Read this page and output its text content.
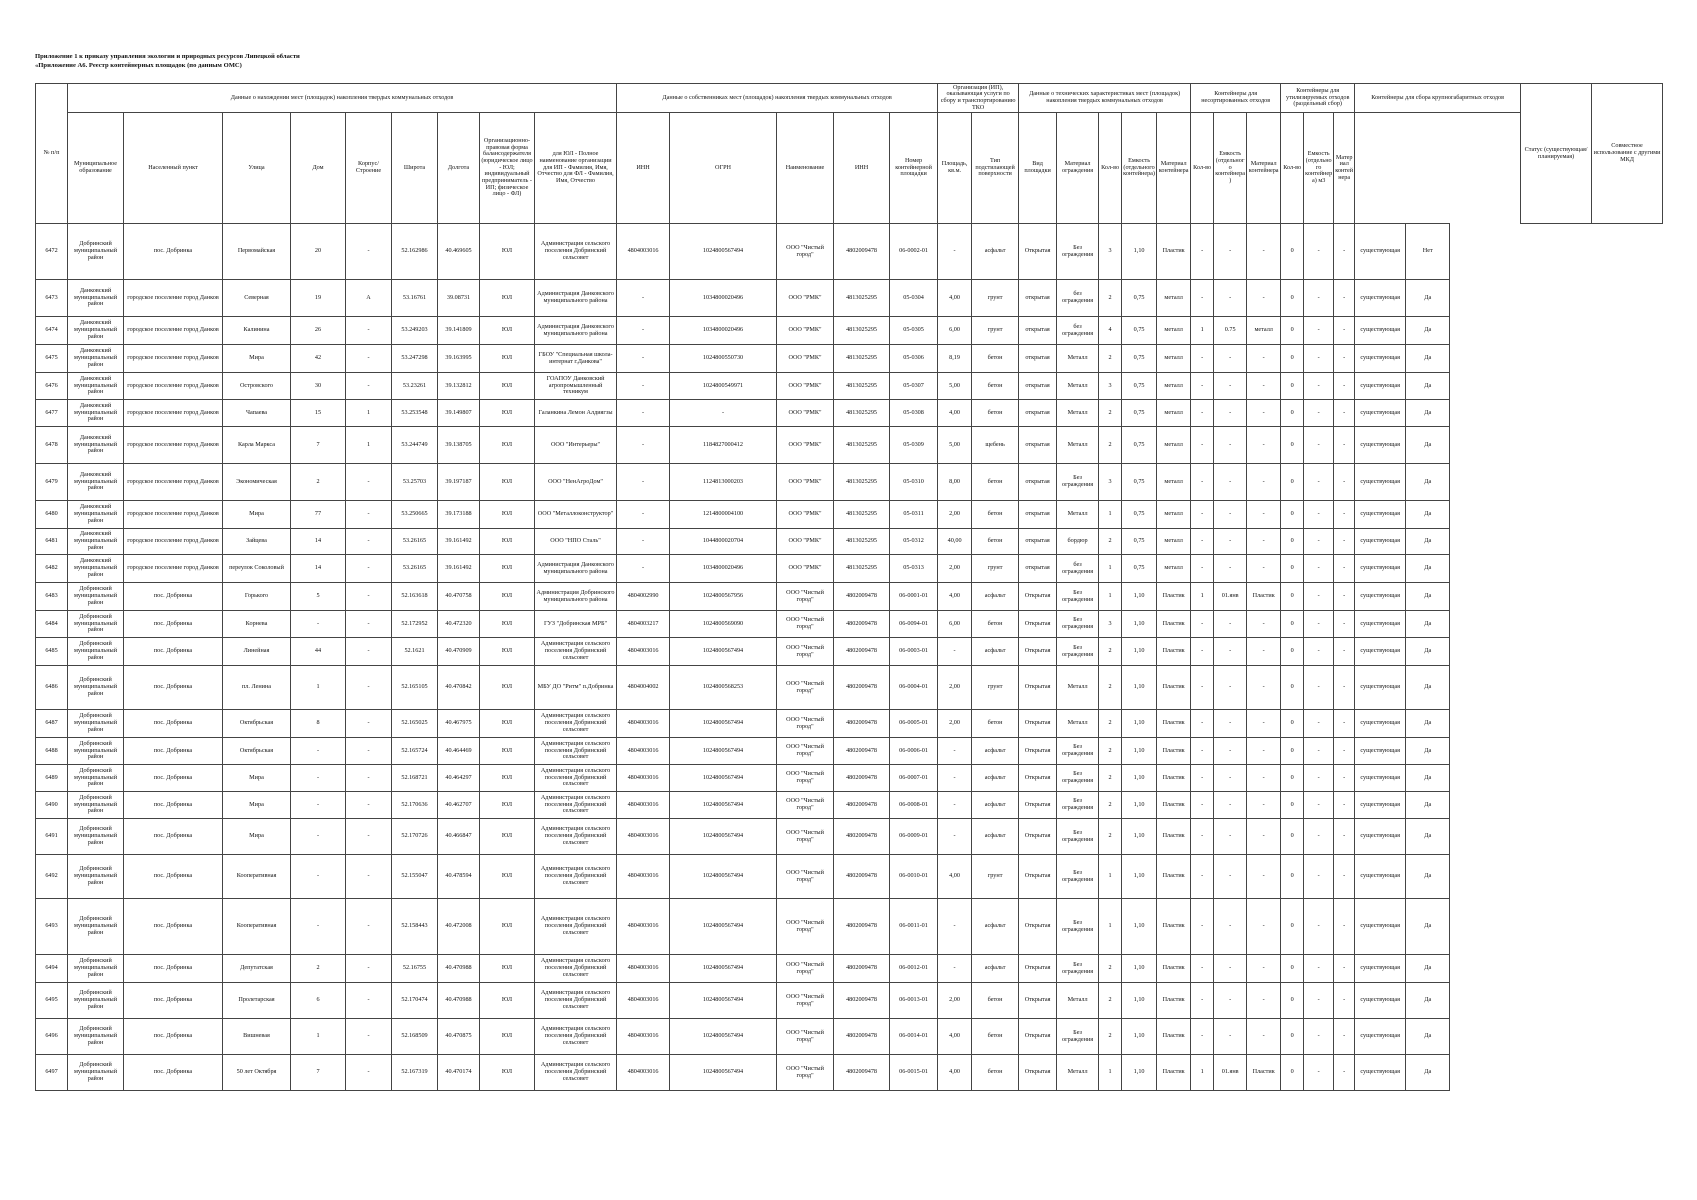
Приложение 1 к приказу управления экологии и природных ресурсов Липецкой области
«Приложение А6. Реестр контейнерных площадок (по данным ОМС)
№ п/п	Данные о нахождении мест (площадок) накопления твердых коммунальных отходов									Данные о собственниках мест (площадок) накопления твердых коммунальных отходов					Организация (ИП), оказывающая услуги по сбору и транспортированию ТКО		Данные о технических характеристиках мест (площадок) накопления твердых коммунальных отходов					Контейнеры для несортированных отходов			Контейнеры для утилизируемых отходов (раздельный сбор)			Контейнеры для сбора крупногабаритных отходов		Статус (существующая/ планируемая)	Совместное использование с другими МКД
	Муниципальное образование	Населенный пункт	Улица	Дом	Корпус/Строение	Широта	Долгота	Организационно-правовая форма балансодержателя (юридическое лицо - ЮЛ; индивидуальный предприниматель - ИП; физическое лицо - ФЛ)	для ЮЛ - Полное наименование организации для ИП - Фамилия, Имя, Отчество для ФЛ - Фамилия, Имя, Отчество	ИНН	ОГРН	Наименование	ИНН	Номер контейнерной площадки	Площадь, кв.м.	Тип подстилающей поверхности	Вид площадки	Материал ограждения	Кол-во	Емкость (отдельного контейнера)	Материал контейнера	Кол-во	Емкость (отдельного контейнера)	Материал контейнера	Кол-во	Емкость (отдельного контейнера) м3	Материал контейнера				
6472	Добринский муниципальный район	пос. Добринка	Первомайская	20	-	52.162986	40.469605	ЮЛ	Администрация сельского поселения Добринский сельсовет	4804003016	1024800567494	ООО "Чистый город"	4802009478	06-0002-01	-	асфальт	Открытая	Без ограждения	3	1,10	Пластик	-	-	-	0	-	-	существующая	Нет		
6473	Данковский муниципальный район	городское поселение город Данков	Северная	19	А	53.16761	39.08731	ЮЛ	Администрация Данковского муниципального района	-	1034800020496	ООО "РМК"	4813025295	05-0304	4,00	грунт	открытая	без ограждения	2	0,75	металл	-	-	-	0	-	-	существующая	Да		
6474	Данковский муниципальный район	городское поселение город Данков	Калинина	26	-	53.249203	39.141809	ЮЛ	Администрация Данковского муниципального района	-	1034800020496	ООО "РМК"	4813025295	05-0305	6,00	грунт	открытая	без ограждения	4	0,75	металл	1	0.75	металл	0	-	-	существующая	Да		
6475	Данковский муниципальный район	городское поселение город Данков	Мира	42	-	53.247298	39.163995	ЮЛ	ГБОУ "Специальная школа-интернат г.Данкова"	-	1024800550730	ООО "РМК"	4813025295	05-0306	8,19	бетон	открытая	Металл	2	0,75	металл	-	-	-	0	-	-	существующая	Да		
6476	Данковский муниципальный район	городское поселение город Данков	Островского	30	-	53.23261	39.132812	ЮЛ	ГОАПОУ Данковский агропромышленный техникум	-	1024800549971	ООО "РМК"	4813025295	05-0307	5,00	бетон	открытая	Металл	3	0,75	металл	-	-	-	0	-	-	существующая	Да		
6477	Данковский муниципальный район	городское поселение город Данков	Чапаева	15	1	53.253548	39.149807	ЮЛ	Галанкина Лемон Алдиягзы	-	-	ООО "РМК"	4813025295	05-0308	4,00	бетон	открытая	Металл	2	0,75	металл	-	-	-	0	-	-	существующая	Да		
6478	Данковский муниципальный район	городское поселение город Данков	Карла Маркса	7	1	53.244749	39.138705	ЮЛ	ООО "Интерьеры"	-	1184827000412	ООО "РМК"	4813025295	05-0309	5,00	щебень	открытая	Металл	2	0,75	металл	-	-	-	0	-	-	существующая	Да		
6479	Данковский муниципальный район	городское поселение город Данков	Экономическая	2	-	53.25703	39.197187	ЮЛ	ООО "НенАгроДом"	-	1124813000203	ООО "РМК"	4813025295	05-0310	8,00	бетон	открытая	Без ограждения	3	0,75	металл	-	-	-	0	-	-	существующая	Да		
6480	Данковский муниципальный район	городское поселение город Данков	Мира	77	-	53.250665	39.173188	ЮЛ	ООО "Металлоконструктор"	-	1214800004100	ООО "РМК"	4813025295	05-0311	2,00	бетон	открытая	Металл	1	0,75	металл	-	-	-	0	-	-	существующая	Да		
6481	Данковский муниципальный район	городское поселение город Данков	Зайцева	14	-	53.26165	39.161492	ЮЛ	ООО "НПО Сталь"	-	1044800020704	ООО "РМК"	4813025295	05-0312	40,00	бетон	открытая	бордюр	2	0,75	металл	-	-	-	0	-	-	существующая	Да		
6482	Данковский муниципальный район	городское поселение город Данков	переулок Соколовый	14	-	53.26165	39.161492	ЮЛ	Администрация Данковского муниципального района	-	1034800020496	ООО "РМК"	4813025295	05-0313	2,00	грунт	открытая	без ограждения	1	0,75	металл	-	-	-	0	-	-	существующая	Да		
6483	Добринский муниципальный район	пос. Добринка	Горького	5	-	52.163618	40.470758	ЮЛ	Администрация Добринского муниципального района	4804002990	1024800567956	ООО "Чистый город"	4802009478	06-0001-01	4,00	асфальт	Открытая	Без ограждения	1	1,10	Пластик	1	01.янв	Пластик	0	-	-	существующая	Да		
6484	Добринский муниципальный район	пос. Добринка	Корнева	-	-	52.172952	40.472320	ЮЛ	ГУЗ "Добринская МРБ"	4804003217	1024800569090	ООО "Чистый город"	4802009478	06-0094-01	6,00	бетон	Открытая	Без ограждения	3	1,10	Пластик	-	-	-	0	-	-	существующая	Да		
6485	Добринский муниципальный район	пос. Добринка	Линейная	44	-	52.1621	40.470909	ЮЛ	Администрация сельского поселения Добринский сельсовет	4804003016	1024800567494	ООО "Чистый город"	4802009478	06-0003-01	-	асфальт	Открытая	Без ограждения	2	1,10	Пластик	-	-	-	0	-	-	существующая	Да		
6486	Добринский муниципальный район	пос. Добринка	пл. Ленина	1	-	52.165105	40.470842	ЮЛ	МБУ ДО "Ритм" п.Добринка	4804004002	1024800568253	ООО "Чистый город"	4802009478	06-0004-01	2,00	грунт	Открытая	Металл	2	1,10	Пластик	-	-	-	0	-	-	существующая	Да		
6487	Добринский муниципальный район	пос. Добринка	Октябрьская	8	-	52.165025	40.467975	ЮЛ	Администрация сельского поселения Добринский сельсовет	4804003016	1024800567494	ООО "Чистый город"	4802009478	06-0005-01	2,00	бетон	Открытая	Металл	2	1,10	Пластик	-	-	-	0	-	-	существующая	Да		
6488	Добринский муниципальный район	пос. Добринка	Октябрьская	-	-	52.165724	40.464469	ЮЛ	Администрация сельского поселения Добринский сельсовет	4804003016	1024800567494	ООО "Чистый город"	4802009478	06-0006-01	-	асфальт	Открытая	Без ограждения	2	1,10	Пластик	-	-	-	0	-	-	существующая	Да		
6489	Добринский муниципальный район	пос. Добринка	Мира	-	-	52.168721	40.464297	ЮЛ	Администрация сельского поселения Добринский сельсовет	4804003016	1024800567494	ООО "Чистый город"	4802009478	06-0007-01	-	асфальт	Открытая	Без ограждения	2	1,10	Пластик	-	-	-	0	-	-	существующая	Да		
6490	Добринский муниципальный район	пос. Добринка	Мира	-	-	52.170636	40.462707	ЮЛ	Администрация сельского поселения Добринский сельсовет	4804003016	1024800567494	ООО "Чистый город"	4802009478	06-0008-01	-	асфальт	Открытая	Без ограждения	2	1,10	Пластик	-	-	-	0	-	-	существующая	Да		
6491	Добринский муниципальный район	пос. Добринка	Мира	-	-	52.170726	40.466847	ЮЛ	Администрация сельского поселения Добринский сельсовет	4804003016	1024800567494	ООО "Чистый город"	4802009478	06-0009-01	-	асфальт	Открытая	Без ограждения	2	1,10	Пластик	-	-	-	0	-	-	существующая	Да		
6492	Добринский муниципальный район	пос. Добринка	Кооперативная	-	-	52.155047	40.478594	ЮЛ	Администрация сельского поселения Добринский сельсовет	4804003016	1024800567494	ООО "Чистый город"	4802009478	06-0010-01	4,00	грунт	Открытая	Без ограждения	1	1,10	Пластик	-	-	-	0	-	-	существующая	Да		
6493	Добринский муниципальный район	пос. Добринка	Кооперативная	-	-	52.158443	40.472008	ЮЛ	Администрация сельского поселения Добринский сельсовет	4804003016	1024800567494	ООО "Чистый город"	4802009478	06-0011-01	-	асфальт	Открытая	Без ограждения	1	1,10	Пластик	-	-	-	0	-	-	существующая	Да		
6494	Добринский муниципальный район	пос. Добринка	Депутатская	2	-	52.16755	40.470988	ЮЛ	Администрация сельского поселения Добринский сельсовет	4804003016	1024800567494	ООО "Чистый город"	4802009478	06-0012-01	-	асфальт	Открытая	Без ограждения	2	1,10	Пластик	-	-	-	0	-	-	существующая	Да		
6495	Добринский муниципальный район	пос. Добринка	Пролетарская	6	-	52.170474	40.470988	ЮЛ	Администрация сельского поселения Добринский сельсовет	4804003016	1024800567494	ООО "Чистый город"	4802009478	06-0013-01	2,00	бетон	Открытая	Металл	2	1,10	Пластик	-	-	-	0	-	-	существующая	Да		
6496	Добринский муниципальный район	пос. Добринка	Вишневая	1	-	52.168509	40.470875	ЮЛ	Администрация сельского поселения Добринский сельсовет	4804003016	1024800567494	ООО "Чистый город"	4802009478	06-0014-01	4,00	бетон	Открытая	Без ограждения	2	1,10	Пластик	-	-	-	0	-	-	существующая	Да		
6497	Добринский муниципальный район	пос. Добринка	50 лет Октября	7	-	52.167319	40.470174	ЮЛ	Администрация сельского поселения Добринский сельсовет	4804003016	1024800567494	ООО "Чистый город"	4802009478	06-0015-01	4,00	бетон	Открытая	Металл	1	1,10	Пластик	1	01.янв	Пластик	0	-	-	существующая	Да		
